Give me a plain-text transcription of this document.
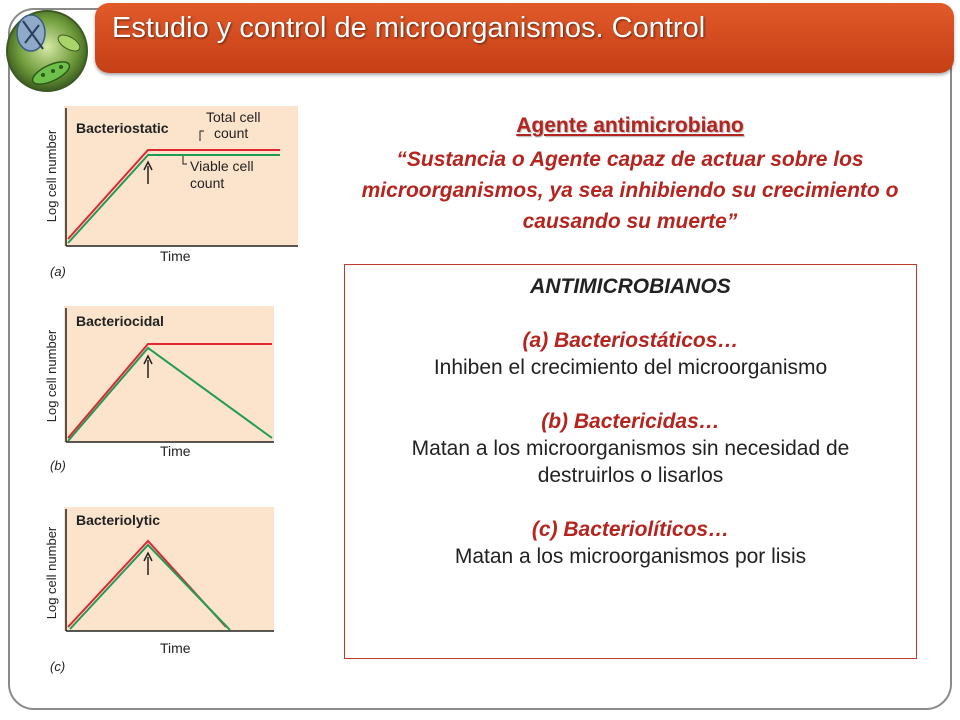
Estudio y control de microorganismos. Control
Log cell number
Bacteriostatic
Total cell
count
Viable cell
count
Time
(a)
Log cell number
Bacteriocidal
Time
(b)
Log cell number
Bacteriolytic
Time
(c)
Agente antimicrobiano
“Sustancia o Agente capaz de actuar sobre los microorganismos, ya sea inhibiendo su crecimiento o causando su muerte”
ANTIMICROBIANOS
(a) Bacteriostáticos…
Inhiben el crecimiento del microorganismo
(b) Bactericidas…
Matan a los microorganismos sin necesidad de destruirlos o lisarlos
(c) Bacteriolíticos…
Matan a los microorganismos por lisis
